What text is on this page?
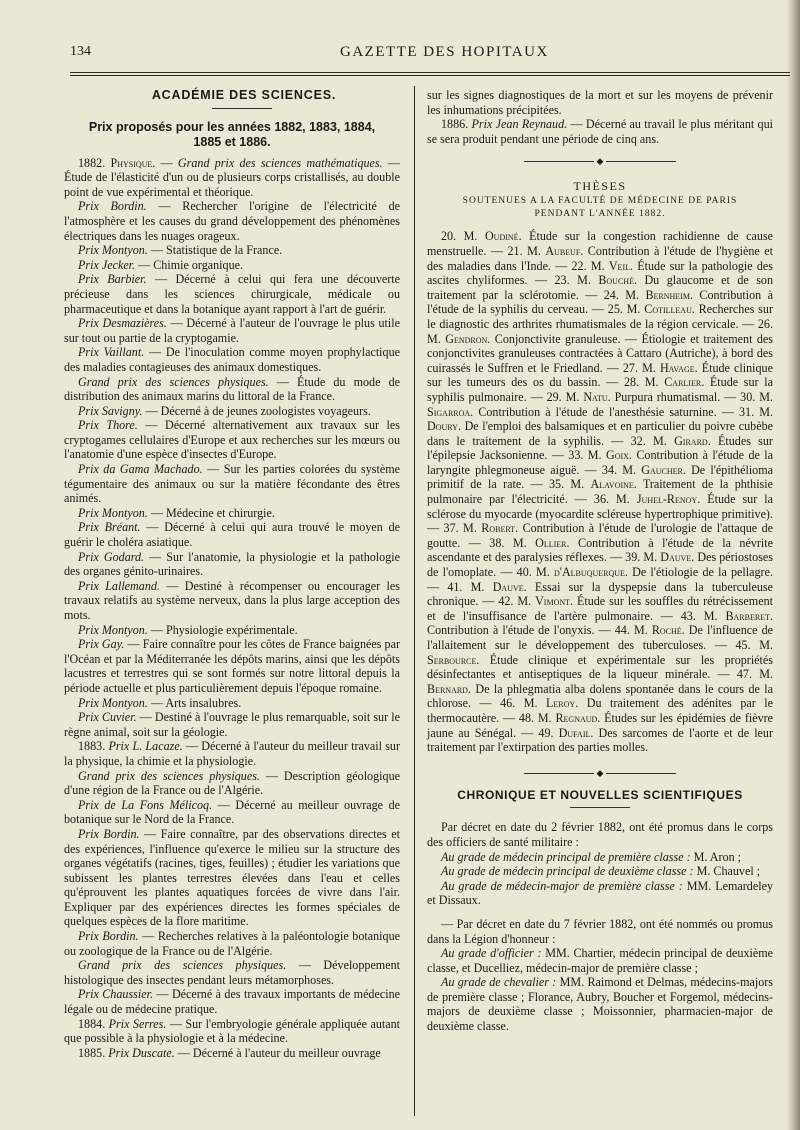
134	GAZETTE DES HOPITAUX

ACADÉMIE DES SCIENCES.

Prix proposés pour les années 1882, 1883, 1884,

1885 et 1886.

1882. Physique. — Grand prix des sciences mathématiques. — Étude de l'élasticité d'un ou de plusieurs corps cristallisés, au double point de vue expérimental et théorique.

Prix Bordin. — Rechercher l'origine de l'électricité de l'atmosphère et les causes du grand développement des phénomènes électriques dans les nuages orageux.

Prix Montyon. — Statistique de la France.

Prix Jecker. — Chimie organique.

Prix Barbier. — Décerné à celui qui fera une découverte précieuse dans les sciences chirurgicale, médicale ou pharmaceutique et dans la botanique ayant rapport à l'art de guérir.

Prix Desmazières. — Décerné à l'auteur de l'ouvrage le plus utile sur tout ou partie de la cryptogamie.

Prix Vaillant. — De l'inoculation comme moyen prophylactique des maladies contagieuses des animaux domestiques.

Grand prix des sciences physiques. — Étude du mode de distribution des animaux marins du littoral de la France.

Prix Savigny. — Décerné à de jeunes zoologistes voyageurs.

Prix Thore. — Décerné alternativement aux travaux sur les cryptogames cellulaires d'Europe et aux recherches sur les mœurs ou l'anatomie d'une espèce d'insectes d'Europe.

Prix da Gama Machado. — Sur les parties colorées du système tégumentaire des animaux ou sur la matière fécondante des êtres animés.

Prix Montyon. — Médecine et chirurgie.

Prix Bréant. — Décerné à celui qui aura trouvé le moyen de guérir le choléra asiatique.

Prix Godard. — Sur l'anatomie, la physiologie et la pathologie des organes génito-urinaires.

Prix Lallemand. — Destiné à récompenser ou encourager les travaux relatifs au système nerveux, dans la plus large acception des mots.

Prix Montyon. — Physiologie expérimentale.

Prix Gay. — Faire connaître pour les côtes de France baignées par l'Océan et par la Méditerranée les dépôts marins, ainsi que les dépôts lacustres et terrestres qui se sont formés sur notre littoral depuis la période actuelle et plus particulièrement depuis l'époque romaine.

Prix Montyon. — Arts insalubres.

Prix Cuvier. — Destiné à l'ouvrage le plus remarquable, soit sur le règne animal, soit sur la géologie.

1883. Prix L. Lacaze. — Décerné à l'auteur du meilleur travail sur la physique, la chimie et la physiologie.

Grand prix des sciences physiques. — Description géologique d'une région de la France ou de l'Algérie.

Prix de La Fons Mélicoq. — Décerné au meilleur ouvrage de botanique sur le Nord de la France.

Prix Bordin. — Faire connaître, par des observations directes et des expériences, l'influence qu'exerce le milieu sur la structure des organes végétatifs (racines, tiges, feuilles) ; étudier les variations que subissent les plantes terrestres élevées dans l'eau et celles qu'éprouvent les plantes aquatiques forcées de vivre dans l'air. Expliquer par des expériences directes les formes spéciales de quelques espèces de la flore maritime.

Prix Bordin. — Recherches relatives à la paléontologie botanique ou zoologique de la France ou de l'Algérie.

Grand prix des sciences physiques. — Développement histologique des insectes pendant leurs métamorphoses.

Prix Chaussier. — Décerné à des travaux importants de médecine légale ou de médecine pratique.

1884. Prix Serres. — Sur l'embryologie générale appliquée autant que possible à la physiologie et à la médecine.

1885. Prix Duscate. — Décerné à l'auteur du meilleur ouvrage

sur les signes diagnostiques de la mort et sur les moyens de prévenir les inhumations précipitées.

1886. Prix Jean Reynaud. — Décerné au travail le plus méritant qui se sera produit pendant une période de cinq ans.

◆

THÈSES

SOUTENUES A LA FACULTÉ DE MÉDECINE DE PARIS

PENDANT L'ANNÉE 1882.

20. M. Oudiné. Étude sur la congestion rachidienne de cause menstruelle. — 21. M. Aubeuf. Contribution à l'étude de l'hygiène et des maladies dans l'Inde. — 22. M. Veil. Étude sur la pathologie des ascites chyliformes. — 23. M. Bouché. Du glaucome et de son traitement par la sclérotomie. — 24. M. Bernheim. Contribution à l'étude de la syphilis du cerveau. — 25. M. Cotilleau. Recherches sur le diagnostic des arthrites rhumatismales de la région cervicale. — 26. M. Gendron. Conjonctivite granuleuse. — Étiologie et traitement des conjonctivites granuleuses contractées à Cattaro (Autriche), à bord des cuirassés le Suffren et le Friedland. — 27. M. Havage. Étude clinique sur les tumeurs des os du bassin. — 28. M. Carlier. Étude sur la syphilis pulmonaire. — 29. M. Natu. Purpura rhumatismal. — 30. M. Sigarroa. Contribution à l'étude de l'anesthésie saturnine. — 31. M. Doury. De l'emploi des balsamiques et en particulier du poivre cubèbe dans le traitement de la syphilis. — 32. M. Girard. Études sur l'épilepsie Jacksonienne. — 33. M. Goix. Contribution à l'étude de la laryngite phlegmoneuse aiguë. — 34. M. Gaucher. De l'épithélioma primitif de la rate. — 35. M. Alavoine. Traitement de la phthisie pulmonaire par l'électricité. — 36. M. Juhel-Renoy. Étude sur la sclérose du myocarde (myocardite scléreuse hypertrophique primitive). — 37. M. Robert. Contribution à l'étude de l'urologie de l'attaque de goutte. — 38. M. Ollier. Contribution à l'étude de la névrite ascendante et des paralysies réflexes. — 39. M. Dauve. Des périostoses de l'omoplate. — 40. M. d'Albuquerque. De l'étiologie de la pellagre. — 41. M. Dauve. Essai sur la dyspepsie dans la tuberculeuse chronique. — 42. M. Vimont. Étude sur les souffles du rétrécissement et de l'insuffisance de l'artère pulmonaire. — 43. M. Barberet. Contribution à l'étude de l'onyxis. — 44. M. Roché. De l'influence de l'allaitement sur le développement des tuberculoses. — 45. M. Serbource. Étude clinique et expérimentale sur les propriétés désinfectantes et antiseptiques de la liqueur minérale. — 47. M. Bernard. De la phlegmatia alba dolens spontanée dans le cours de la chlorose. — 46. M. Leroy. Du traitement des adénites par le thermocautère. — 48. M. Regnaud. Études sur les épidémies de fièvre jaune au Sénégal. — 49. Dufail. Des sarcomes de l'aorte et de leur traitement par l'extirpation des parties molles.

◆

CHRONIQUE ET NOUVELLES SCIENTIFIQUES

Par décret en date du 2 février 1882, ont été promus dans le corps des officiers de santé militaire :

Au grade de médecin principal de première classe : M. Aron ;

Au grade de médecin principal de deuxième classe : M. Chauvel ;

Au grade de médecin-major de première classe : MM. Lemardeley et Dissaux.

— Par décret en date du 7 février 1882, ont été nommés ou promus dans la Légion d'honneur :

Au grade d'officier : MM. Chartier, médecin principal de deuxième classe, et Ducelliez, médecin-major de première classe ;

Au grade de chevalier : MM. Raimond et Delmas, médecins-majors de première classe ; Florance, Aubry, Boucher et Forgemol, médecins-majors de deuxième classe ; Moissonnier, pharmacien-major de deuxième classe.
